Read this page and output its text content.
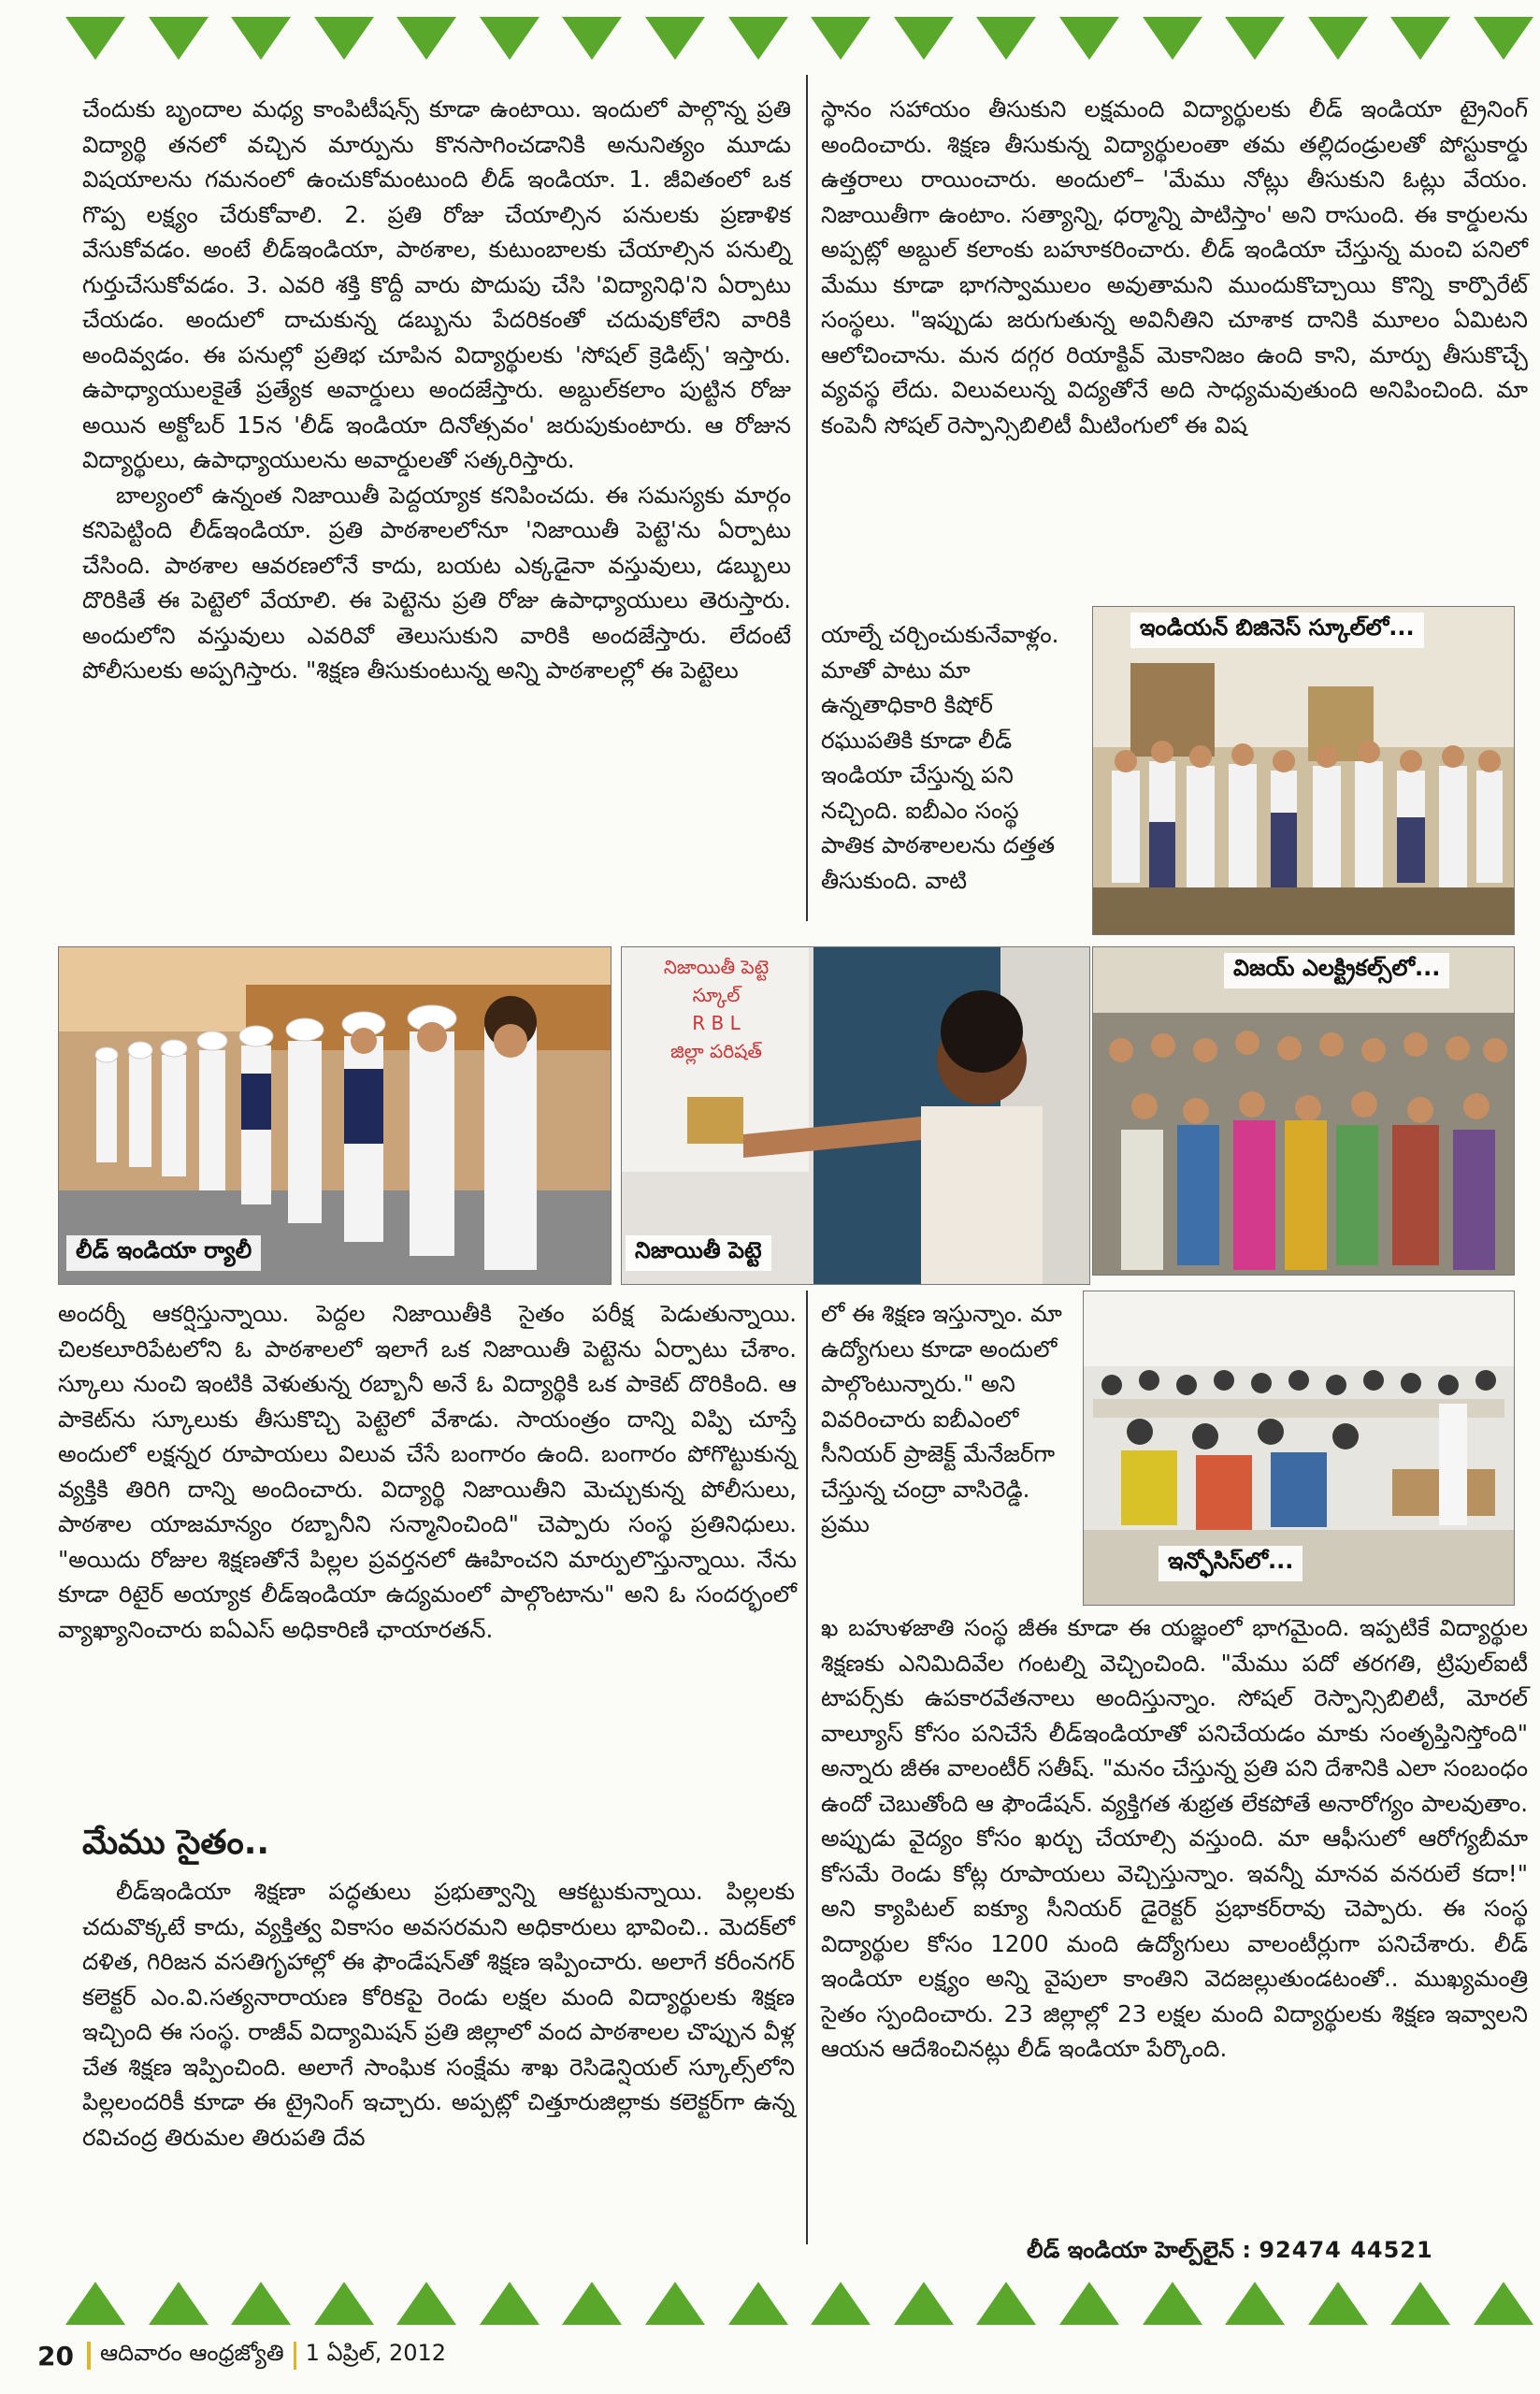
చేందుకు బృందాల మధ్య కాంపిటీషన్స్ కూడా ఉంటాయి. ఇందులో పాల్గొన్న ప్రతి విద్యార్థి తనలో వచ్చిన మార్పును కొనసాగించడానికి అనునిత్యం మూడు విషయాలను గమనంలో ఉంచుకోమంటుంది లీడ్ ఇండియా. 1. జీవితంలో ఒక గొప్ప లక్ష్యం చేరుకోవాలి. 2. ప్రతి రోజు చేయాల్సిన పనులకు ప్రణాళిక వేసుకోవడం. అంటే లీడ్‌ఇండియా, పాఠశాల, కుటుంబాలకు చేయాల్సిన పనుల్ని గుర్తుచేసుకోవడం. 3. ఎవరి శక్తి కొద్దీ వారు పొదుపు చేసి 'విద్యానిధి'ని ఏర్పాటు చేయడం. అందులో దాచుకున్న డబ్బును పేదరికంతో చదువుకోలేని వారికి అందివ్వడం. ఈ పనుల్లో ప్రతిభ చూపిన విద్యార్థులకు 'సోషల్ క్రెడిట్స్' ఇస్తారు. ఉపాధ్యాయులకైతే ప్రత్యేక అవార్డులు అందజేస్తారు. అబ్దుల్‌కలాం పుట్టిన రోజు అయిన అక్టోబర్ 15న 'లీడ్ ఇండియా దినోత్సవం' జరుపుకుంటారు. ఆ రోజున విద్యార్థులు, ఉపాధ్యాయులను అవార్డులతో సత్కరిస్తారు.

బాల్యంలో ఉన్నంత నిజాయితీ పెద్దయ్యాక కనిపించదు. ఈ సమస్యకు మార్గం కనిపెట్టింది లీడ్‌ఇండియా. ప్రతి పాఠశాలలోనూ 'నిజాయితీ పెట్టె'ను ఏర్పాటు చేసింది. పాఠశాల ఆవరణలోనే కాదు, బయట ఎక్కడైనా వస్తువులు, డబ్బులు దొరికితే ఈ పెట్టెలో వేయాలి. ఈ పెట్టెను ప్రతి రోజు ఉపాధ్యాయులు తెరుస్తారు. అందులోని వస్తువులు ఎవరివో తెలుసుకుని వారికి అందజేస్తారు. లేదంటే పోలీసులకు అప్పగిస్తారు. "శిక్షణ తీసుకుంటున్న అన్ని పాఠశాలల్లో ఈ పెట్టెలు

స్థానం సహాయం తీసుకుని లక్షమంది విద్యార్థులకు లీడ్ ఇండియా ట్రైనింగ్ అందించారు. శిక్షణ తీసుకున్న విద్యార్థులంతా తమ తల్లిదండ్రులతో పోస్టుకార్డు ఉత్తరాలు రాయించారు. అందులో– 'మేము నోట్లు తీసుకుని ఓట్లు వేయం. నిజాయితీగా ఉంటాం. సత్యాన్ని, ధర్మాన్ని పాటిస్తాం' అని రాసుంది. ఈ కార్డులను అప్పట్లో అబ్దుల్ కలాంకు బహూకరించారు. లీడ్ ఇండియా చేస్తున్న మంచి పనిలో మేము కూడా భాగస్వాములం అవుతామని ముందుకొచ్చాయి కొన్ని కార్పొరేట్ సంస్థలు. "ఇప్పుడు జరుగుతున్న అవినీతిని చూశాక దానికి మూలం ఏమిటని ఆలోచించాను. మన దగ్గర రియాక్టివ్ మెకానిజం ఉంది కాని, మార్పు తీసుకొచ్చే వ్యవస్థ లేదు. విలువలున్న విద్యతోనే అది సాధ్యమవుతుంది అనిపించింది. మా కంపెనీ సోషల్ రెస్పాన్సిబిలిటీ మీటింగులో ఈ విష

యాల్నే చర్చించుకునేవాళ్లం. మాతో పాటు మా ఉన్నతాధికారి కిషోర్ రఘుపతికి కూడా లీడ్ ఇండియా చేస్తున్న పని నచ్చింది. ఐబీఎం సంస్థ పాతిక పాఠశాలలను దత్తత తీసుకుంది. వాటి

ఇండియన్ బిజినెస్ స్కూల్‌లో...
లీడ్ ఇండియా ర్యాలీ
నిజాయితీ పెట్టె
స్కూల్
R B L
జిల్లా పరిషత్
నిజాయితీ పెట్టె
విజయ్ ఎలక్ట్రికల్స్‌లో...
ఇన్ఫోసిస్‌లో...

అందర్నీ ఆకర్షిస్తున్నాయి. పెద్దల నిజాయితీకి సైతం పరీక్ష పెడుతున్నాయి. చిలకలూరిపేటలోని ఓ పాఠశాలలో ఇలాగే ఒక నిజాయితీ పెట్టెను ఏర్పాటు చేశాం. స్కూలు నుంచి ఇంటికి వెళుతున్న రబ్బానీ అనే ఓ విద్యార్థికి ఒక పాకెట్ దొరికింది. ఆ పాకెట్‌ను స్కూలుకు తీసుకొచ్చి పెట్టెలో వేశాడు. సాయంత్రం దాన్ని విప్పి చూస్తే అందులో లక్షన్నర రూపాయలు విలువ చేసే బంగారం ఉంది. బంగారం పోగొట్టుకున్న వ్యక్తికి తిరిగి దాన్ని అందించారు. విద్యార్థి నిజాయితీని మెచ్చుకున్న పోలీసులు, పాఠశాల యాజమాన్యం రబ్బానీని సన్మానించింది" చెప్పారు సంస్థ ప్రతినిధులు. "అయిదు రోజుల శిక్షణతోనే పిల్లల ప్రవర్తనలో ఊహించని మార్పులొస్తున్నాయి. నేను కూడా రిటైర్ అయ్యాక లీడ్‌ఇండియా ఉద్యమంలో పాల్గొంటాను" అని ఓ సందర్భంలో వ్యాఖ్యానించారు ఐఏఎస్ అధికారిణి ఛాయారతన్.

లో ఈ శిక్షణ ఇస్తున్నాం. మా ఉద్యోగులు కూడా అందులో పాల్గొంటున్నారు." అని వివరించారు ఐబీఎంలో సీనియర్ ప్రాజెక్ట్ మేనేజర్‌గా చేస్తున్న చంద్రా వాసిరెడ్డి. ప్రము

మేము సైతం..

లీడ్‌ఇండియా శిక్షణా పద్ధతులు ప్రభుత్వాన్ని ఆకట్టుకున్నాయి. పిల్లలకు చదువొక్కటే కాదు, వ్యక్తిత్వ వికాసం అవసరమని అధికారులు భావించి.. మెదక్‌లో దళిత, గిరిజన వసతిగృహాల్లో ఈ ఫౌండేషన్‌తో శిక్షణ ఇప్పించారు. అలాగే కరీంనగర్ కలెక్టర్ ఎం.వి.సత్యనారాయణ కోరికపై రెండు లక్షల మంది విద్యార్థులకు శిక్షణ ఇచ్చింది ఈ సంస్థ. రాజీవ్ విద్యామిషన్ ప్రతి జిల్లాలో వంద పాఠశాలల చొప్పున వీళ్ల చేత శిక్షణ ఇప్పించింది. అలాగే సాంఘిక సంక్షేమ శాఖ రెసిడెన్షియల్ స్కూల్స్‌లోని పిల్లలందరికీ కూడా ఈ ట్రైనింగ్ ఇచ్చారు. అప్పట్లో చిత్తూరుజిల్లాకు కలెక్టర్‌గా ఉన్న రవిచంద్ర తిరుమల తిరుపతి దేవ

ఖ బహుళజాతి సంస్థ జీఈ కూడా ఈ యజ్ఞంలో భాగమైంది. ఇప్పటికే విద్యార్థుల శిక్షణకు ఎనిమిదివేల గంటల్ని వెచ్చించింది. "మేము పదో తరగతి, ట్రిపుల్‌ఐటీ టాపర్స్‌కు ఉపకారవేతనాలు అందిస్తున్నాం. సోషల్ రెస్పాన్సిబిలిటీ, మోరల్ వాల్యూస్ కోసం పనిచేసే లీడ్‌ఇండియాతో పనిచేయడం మాకు సంతృప్తినిస్తోంది" అన్నారు జీఈ వాలంటీర్ సతీష్. "మనం చేస్తున్న ప్రతి పని దేశానికి ఎలా సంబంధం ఉందో చెబుతోంది ఆ ఫౌండేషన్. వ్యక్తిగత శుభ్రత లేకపోతే అనారోగ్యం పాలవుతాం. అప్పుడు వైద్యం కోసం ఖర్చు చేయాల్సి వస్తుంది. మా ఆఫీసులో ఆరోగ్యబీమా కోసమే రెండు కోట్ల రూపాయలు వెచ్చిస్తున్నాం. ఇవన్నీ మానవ వనరులే కదా!" అని క్యాపిటల్ ఐక్యూ సీనియర్ డైరెక్టర్ ప్రభాకర్‌రావు చెప్పారు. ఈ సంస్థ విద్యార్థుల కోసం 1200 మంది ఉద్యోగులు వాలంటీర్లుగా పనిచేశారు. లీడ్ ఇండియా లక్ష్యం అన్ని వైపులా కాంతిని వెదజల్లుతుండటంతో.. ముఖ్యమంత్రి సైతం స్పందించారు. 23 జిల్లాల్లో 23 లక్షల మంది విద్యార్థులకు శిక్షణ ఇవ్వాలని ఆయన ఆదేశించినట్లు లీడ్ ఇండియా పేర్కొంది.

లీడ్ ఇండియా హెల్ప్‌లైన్ : 92474 44521
20 ఆదివారం ఆంధ్రజ్యోతి 1 ఏప్రిల్, 2012
